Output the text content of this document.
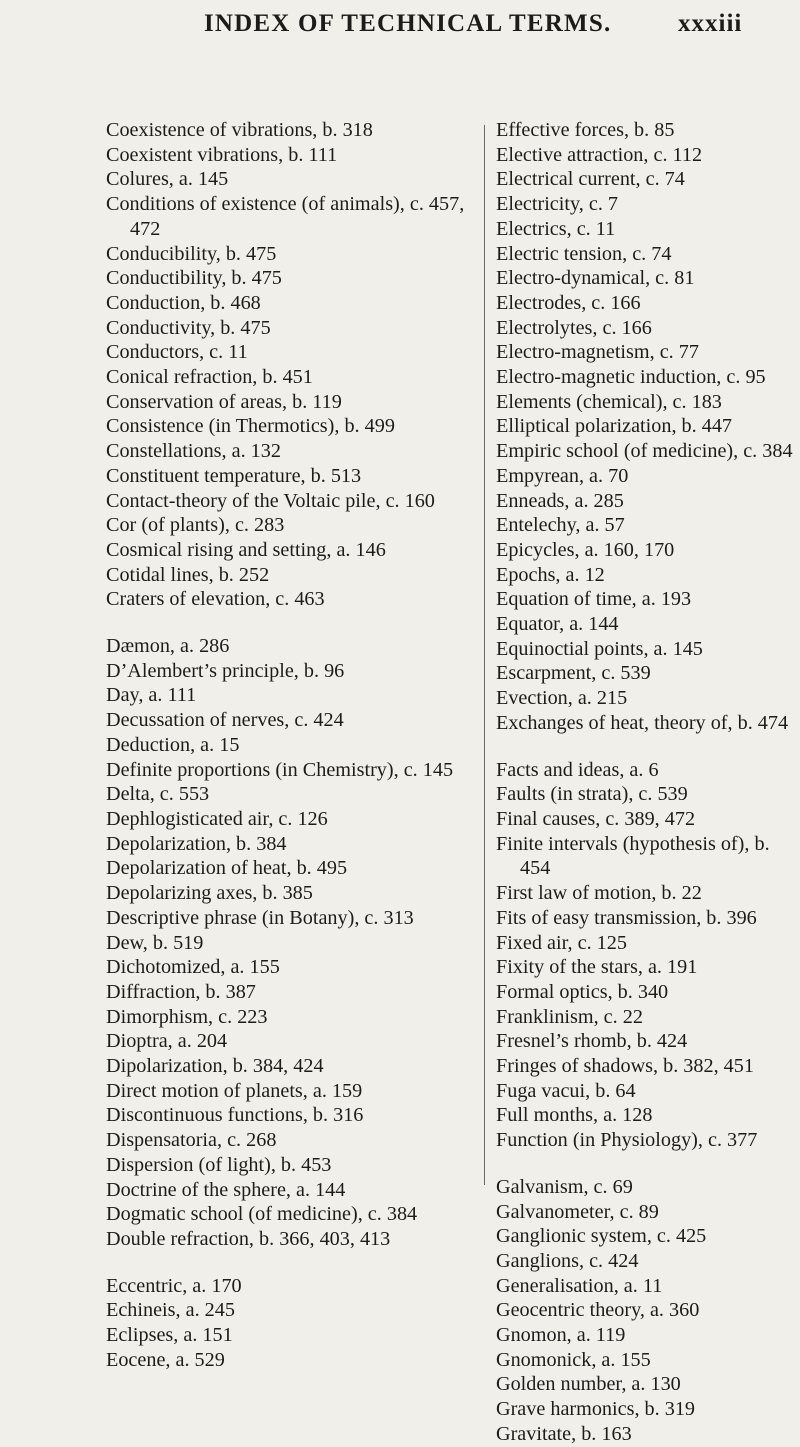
INDEX OF TECHNICAL TERMS.	xxxiii
Coexistence of vibrations, b. 318
Coexistent vibrations, b. 111
Colures, a. 145
Conditions of existence (of animals), c. 457, 472
Conducibility, b. 475
Conductibility, b. 475
Conduction, b. 468
Conductivity, b. 475
Conductors, c. 11
Conical refraction, b. 451
Conservation of areas, b. 119
Consistence (in Thermotics), b. 499
Constellations, a. 132
Constituent temperature, b. 513
Contact-theory of the Voltaic pile, c. 160
Cor (of plants), c. 283
Cosmical rising and setting, a. 146
Cotidal lines, b. 252
Craters of elevation, c. 463
Dæmon, a. 286
D’Alembert’s principle, b. 96
Day, a. 111
Decussation of nerves, c. 424
Deduction, a. 15
Definite proportions (in Chemistry), c. 145
Delta, c. 553
Dephlogisticated air, c. 126
Depolarization, b. 384
Depolarization of heat, b. 495
Depolarizing axes, b. 385
Descriptive phrase (in Botany), c. 313
Dew, b. 519
Dichotomized, a. 155
Diffraction, b. 387
Dimorphism, c. 223
Dioptra, a. 204
Dipolarization, b. 384, 424
Direct motion of planets, a. 159
Discontinuous functions, b. 316
Dispensatoria, c. 268
Dispersion (of light), b. 453
Doctrine of the sphere, a. 144
Dogmatic school (of medicine), c. 384
Double refraction, b. 366, 403, 413
Eccentric, a. 170
Echineis, a. 245
Eclipses, a. 151
Eocene, a. 529
Effective forces, b. 85
Elective attraction, c. 112
Electrical current, c. 74
Electricity, c. 7
Electrics, c. 11
Electric tension, c. 74
Electro-dynamical, c. 81
Electrodes, c. 166
Electrolytes, c. 166
Electro-magnetism, c. 77
Electro-magnetic induction, c. 95
Elements (chemical), c. 183
Elliptical polarization, b. 447
Empiric school (of medicine), c. 384
Empyrean, a. 70
Enneads, a. 285
Entelechy, a. 57
Epicycles, a. 160, 170
Epochs, a. 12
Equation of time, a. 193
Equator, a. 144
Equinoctial points, a. 145
Escarpment, c. 539
Evection, a. 215
Exchanges of heat, theory of, b. 474
Facts and ideas, a. 6
Faults (in strata), c. 539
Final causes, c. 389, 472
Finite intervals (hypothesis of), b. 454
First law of motion, b. 22
Fits of easy transmission, b. 396
Fixed air, c. 125
Fixity of the stars, a. 191
Formal optics, b. 340
Franklinism, c. 22
Fresnel’s rhomb, b. 424
Fringes of shadows, b. 382, 451
Fuga vacui, b. 64
Full months, a. 128
Function (in Physiology), c. 377
Galvanism, c. 69
Galvanometer, c. 89
Ganglionic system, c. 425
Ganglions, c. 424
Generalisation, a. 11
Geocentric theory, a. 360
Gnomon, a. 119
Gnomonick, a. 155
Golden number, a. 130
Grave harmonics, b. 319
Gravitate, b. 163
